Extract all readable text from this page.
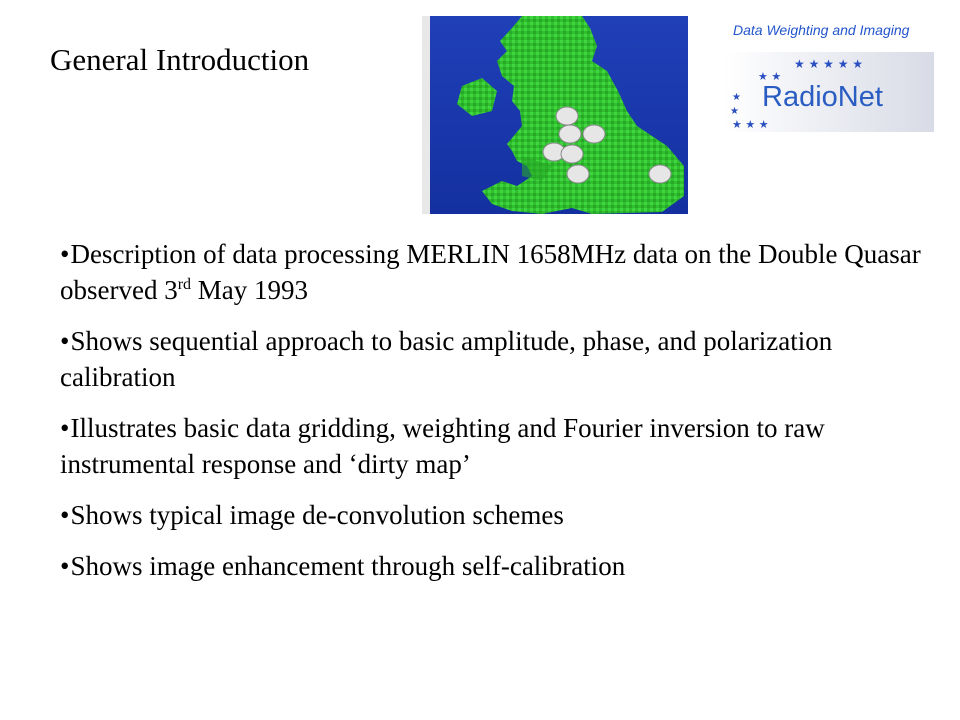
General Introduction
Data Weighting and Imaging
★ ★ ★ ★ ★
★ ★
★
★
★ ★ ★
RadioNet
•Description of data processing MERLIN 1658MHz data on the Double Quasar observed 3rd May 1993
•Shows sequential approach to basic amplitude, phase, and polarization calibration
•Illustrates basic data gridding, weighting and Fourier inversion to raw instrumental response and ‘dirty map’
•Shows typical image de-convolution schemes
•Shows image enhancement through self-calibration
